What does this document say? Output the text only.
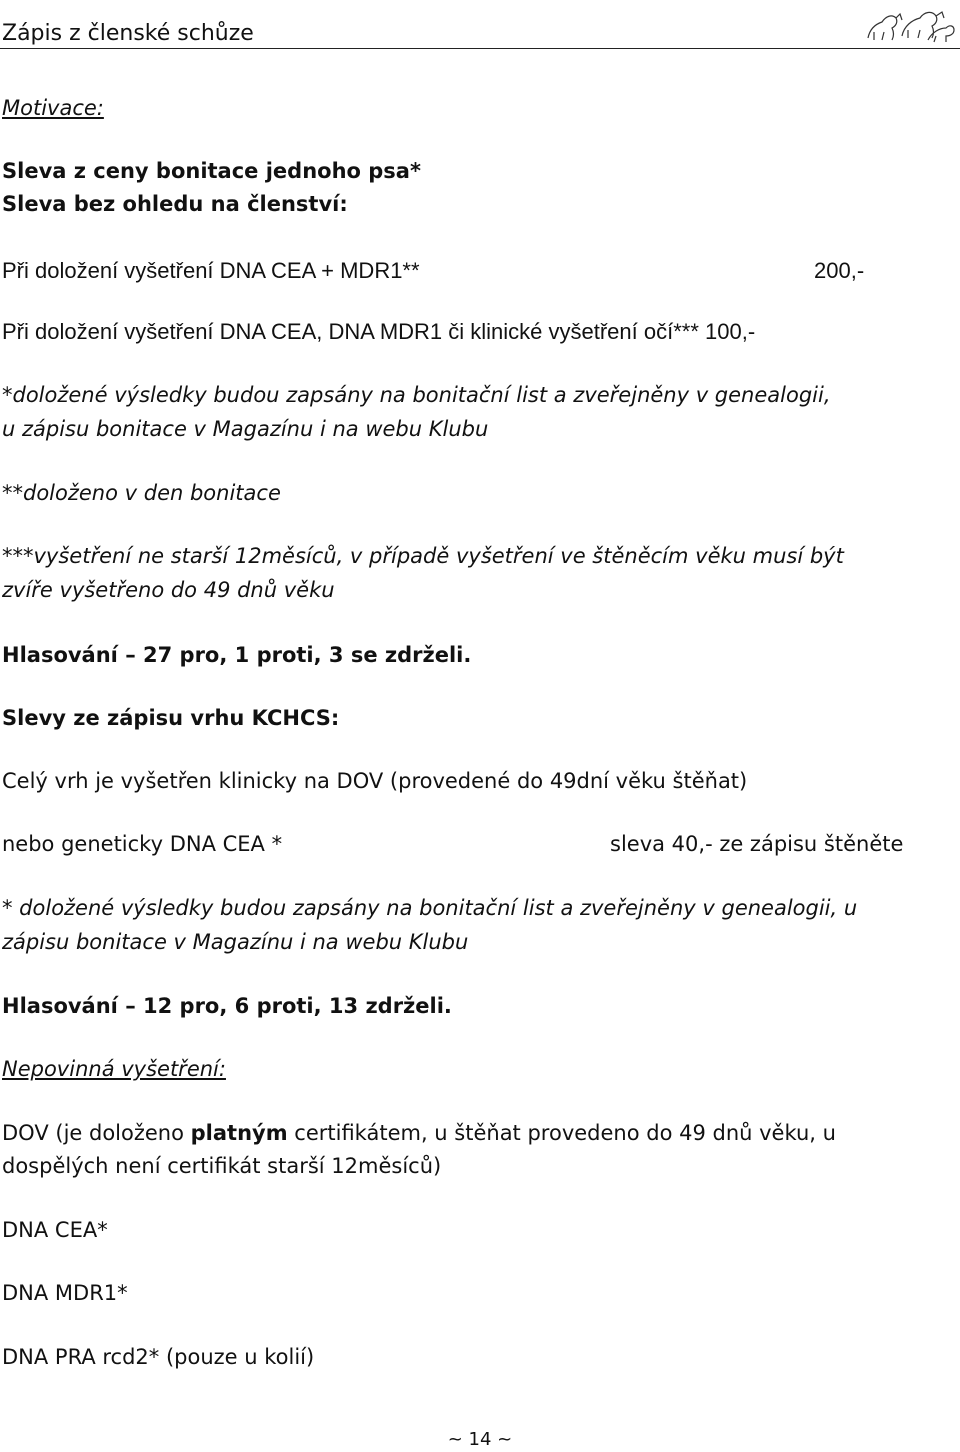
Zápis z členské schůze
Motivace:
Sleva z ceny bonitace jednoho psa*
Sleva bez ohledu na členství:
Při doložení vyšetření DNA CEA + MDR1**	200,-
Při doložení vyšetření DNA CEA, DNA MDR1 či klinické vyšetření očí*** 100,-
*doložené výsledky budou zapsány na bonitační list a zveřejněny v genealogii,
u zápisu bonitace v Magazínu i na webu Klubu
**doloženo v den bonitace
***vyšetření ne starší 12měsíců, v případě vyšetření ve štěněcím věku musí být
zvíře vyšetřeno do 49 dnů věku
Hlasování – 27 pro, 1 proti, 3 se zdrželi.
Slevy ze zápisu vrhu KCHCS:
Celý vrh je vyšetřen klinicky na DOV (provedené do 49dní věku štěňat)
nebo geneticky DNA CEA *	sleva 40,- ze zápisu štěněte
* doložené výsledky budou zapsány na bonitační list a zveřejněny v genealogii, u
zápisu bonitace v Magazínu i na webu Klubu
Hlasování – 12 pro, 6 proti, 13 zdrželi.
Nepovinná vyšetření:
DOV (je doloženo platným certifikátem, u štěňat provedeno do 49 dnů věku, u
dospělých není certifikát starší 12měsíců)
DNA CEA*
DNA MDR1*
DNA PRA rcd2* (pouze u kolií)
~ 14 ~
